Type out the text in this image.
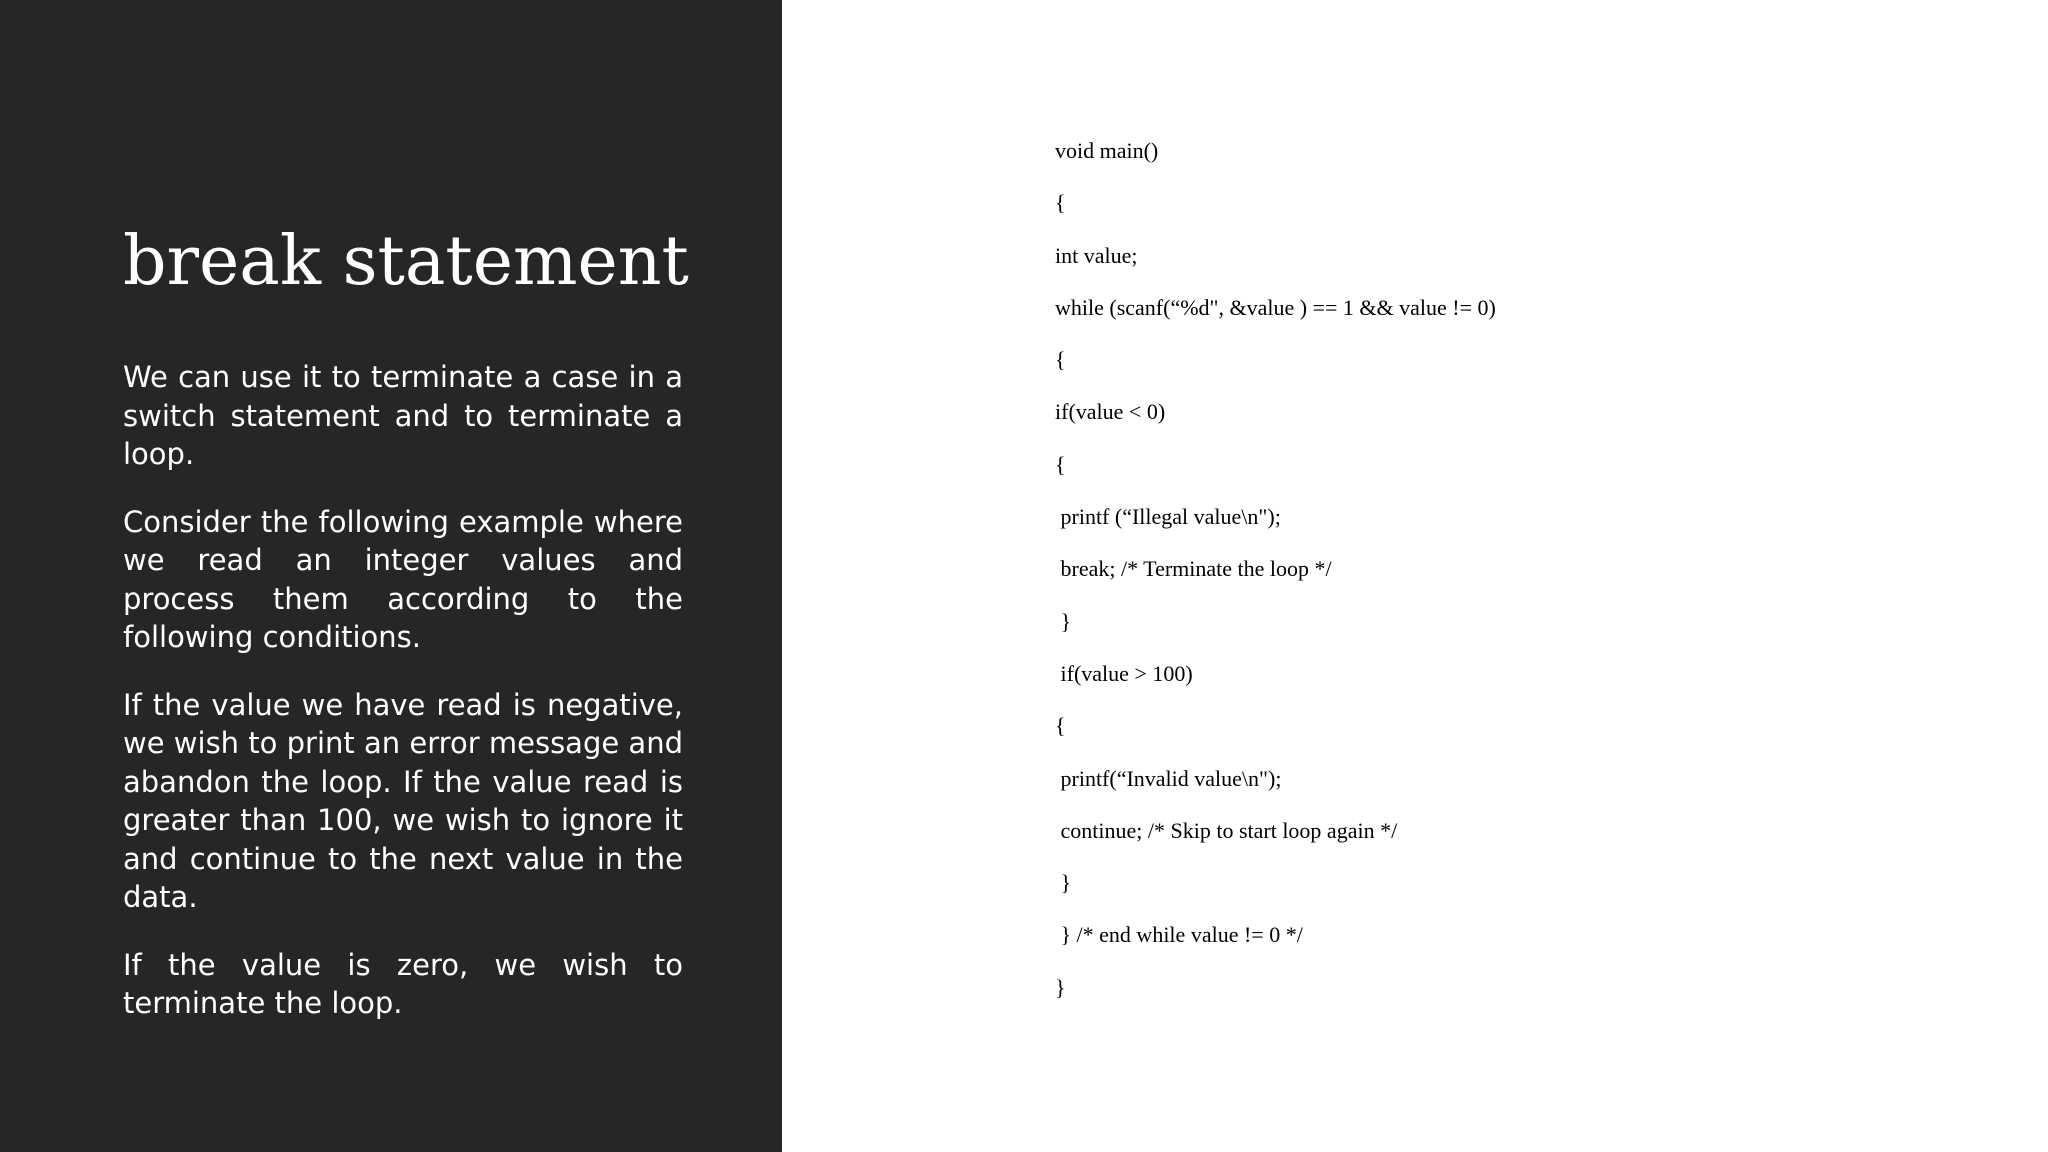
break statement

We can use it to terminate a case in a switch statement and to terminate a loop.

Consider the following example where we read an integer values and process them according to the following conditions.

If the value we have read is negative, we wish to print an error message and abandon the loop. If the value read is greater than 100, we wish to ignore it and continue to the next value in the data.

If the value is zero, we wish to terminate the loop.

void main()
{
int value;
while (scanf(“%d", &value ) == 1 && value != 0)
{
if(value < 0)
{
printf (“Illegal value\n");
break; /* Terminate the loop */
}
if(value > 100)
{
printf(“Invalid value\n");
continue; /* Skip to start loop again */
}
} /* end while value != 0 */
}
